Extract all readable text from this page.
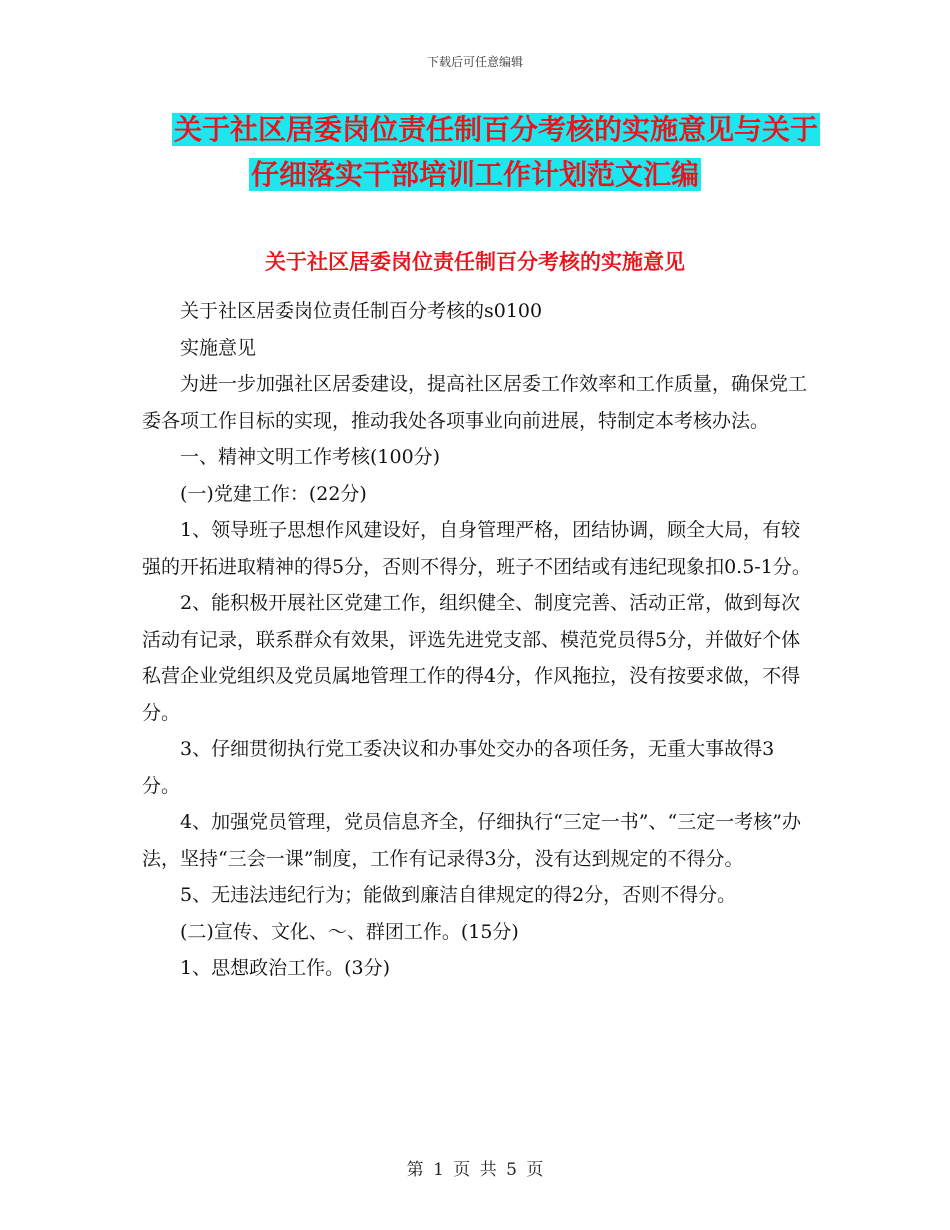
下载后可任意编辑
关于社区居委岗位责任制百分考核的实施意见与关于
仔细落实干部培训工作计划范文汇编
关于社区居委岗位责任制百分考核的实施意见

关于社区居委岗位责任制百分考核的s0100

实施意见

为进一步加强社区居委建设，提高社区居委工作效率和工作质量，确保党工委各项工作目标的实现，推动我处各项事业向前进展，特制定本考核办法。

一、精神文明工作考核(100分)

(一)党建工作：(22分)

1、领导班子思想作风建设好，自身管理严格，团结协调，顾全大局，有较强的开拓进取精神的得5分，否则不得分，班子不团结或有违纪现象扣0.5-1分。

2、能积极开展社区党建工作，组织健全、制度完善、活动正常，做到每次活动有记录，联系群众有效果，评选先进党支部、模范党员得5分，并做好个体私营企业党组织及党员属地管理工作的得4分，作风拖拉，没有按要求做，不得分。

3、仔细贯彻执行党工委决议和办事处交办的各项任务，无重大事故得3分。

4、加强党员管理，党员信息齐全，仔细执行“三定一书”、“三定一考核”办法，坚持“三会一课”制度，工作有记录得3分，没有达到规定的不得分。

5、无违法违纪行为；能做到廉洁自律规定的得2分，否则不得分。

(二)宣传、文化、～、群团工作。(15分)

1、思想政治工作。(3分)

第 1 页 共 5 页
